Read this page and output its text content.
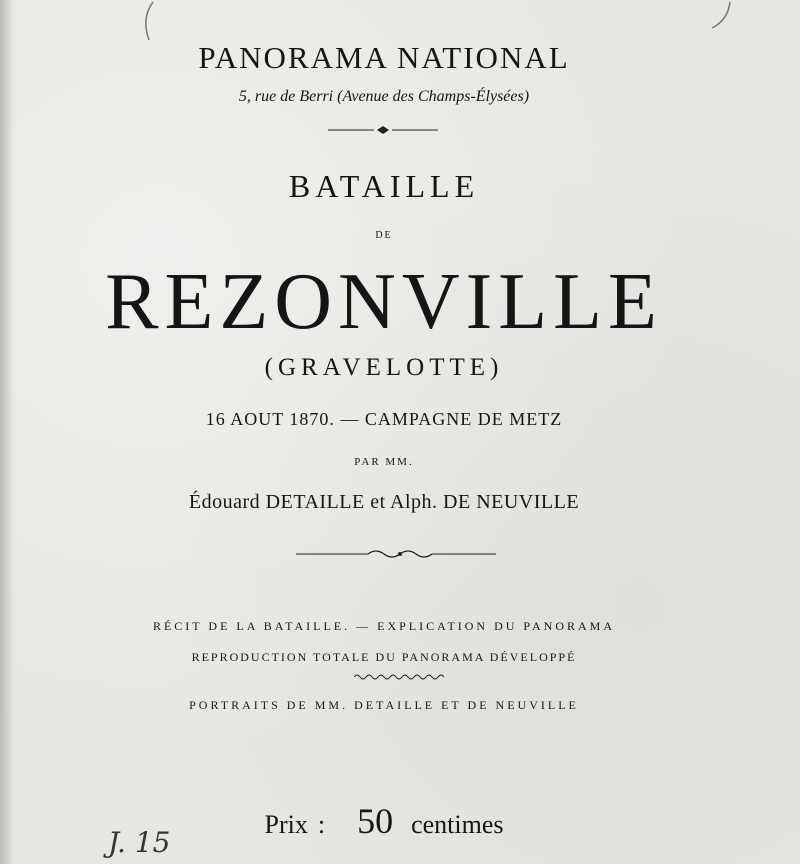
PANORAMA NATIONAL
5, rue de Berri (Avenue des Champs-Élysées)
BATAILLE
DE
REZONVILLE
(GRAVELOTTE)
16 AOUT 1870. — CAMPAGNE DE METZ
PAR MM.
Édouard DETAILLE et Alph. DE NEUVILLE
RÉCIT DE LA BATAILLE. — EXPLICATION DU PANORAMA
REPRODUCTION TOTALE DU PANORAMA DÉVELOPPÉ
PORTRAITS DE MM. DETAILLE ET DE NEUVILLE
Prix : 50 centimes
J. 15
